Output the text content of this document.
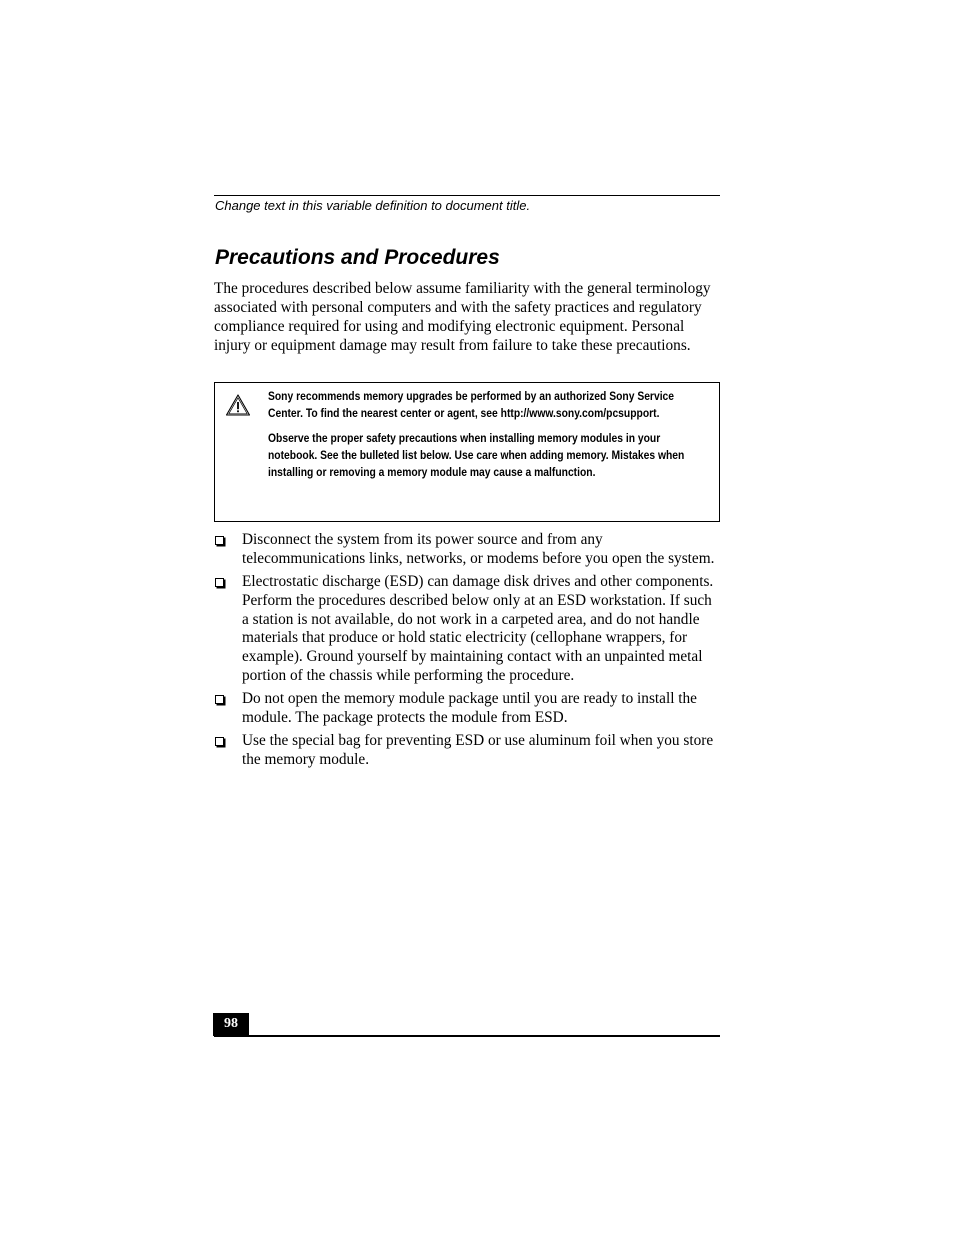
Change text in this variable definition to document title.
Precautions and Procedures

The procedures described below assume familiarity with the general terminology associated with personal computers and with the safety practices and regulatory compliance required for using and modifying electronic equipment. Personal injury or equipment damage may result from failure to take these precautions.

Sony recommends memory upgrades be performed by an authorized Sony Service Center. To find the nearest center or agent, see http://www.sony.com/pcsupport.

Observe the proper safety precautions when installing memory modules in your notebook. See the bulleted list below. Use care when adding memory. Mistakes when installing or removing a memory module may cause a malfunction.

Disconnect the system from its power source and from any telecommunications links, networks, or modems before you open the system.
Electrostatic discharge (ESD) can damage disk drives and other components. Perform the procedures described below only at an ESD workstation. If such a station is not available, do not work in a carpeted area, and do not handle materials that produce or hold static electricity (cellophane wrappers, for example). Ground yourself by maintaining contact with an unpainted metal portion of the chassis while performing the procedure.
Do not open the memory module package until you are ready to install the module. The package protects the module from ESD.
Use the special bag for preventing ESD or use aluminum foil when you store the memory module.
98
